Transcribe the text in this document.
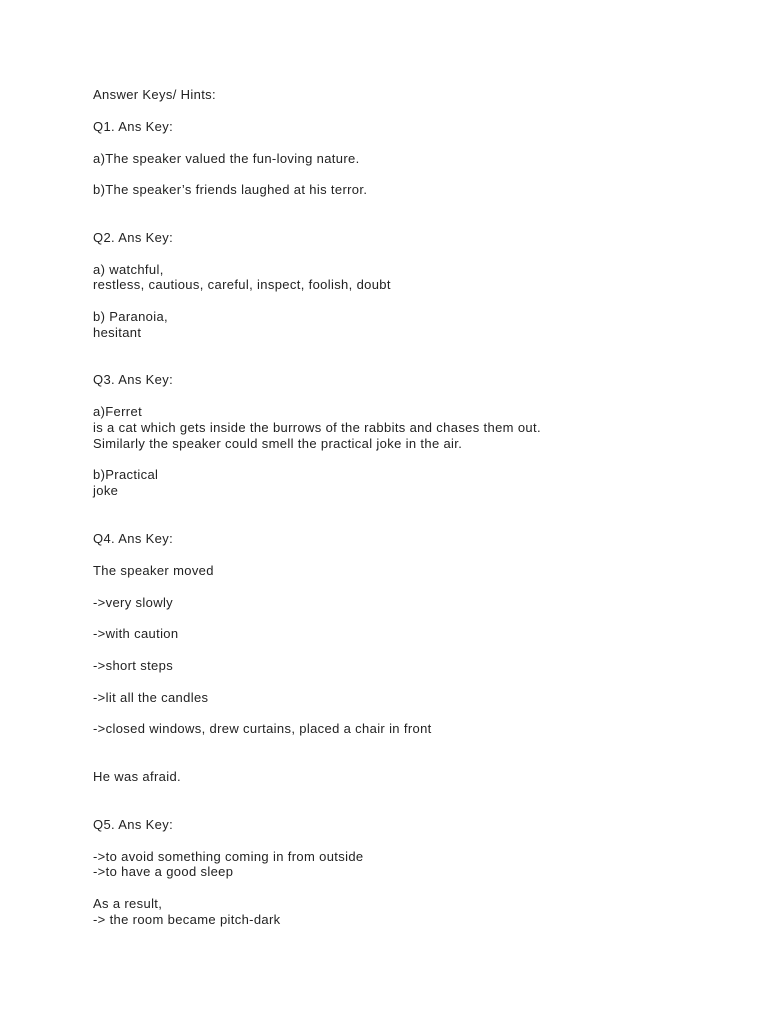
Answer Keys/ Hints:
Q1. Ans Key:
a)The speaker valued the fun-loving nature.
b)The speaker’s friends laughed at his terror.
Q2. Ans Key:
a) watchful,
restless, cautious, careful, inspect, foolish, doubt
b) Paranoia,
hesitant
Q3. Ans Key:
a)Ferret
is a cat which gets inside the burrows of the rabbits and chases them out.
Similarly the speaker could smell the practical joke in the air.
b)Practical
joke
Q4. Ans Key:
The speaker moved
->very slowly
->with caution
->short steps
->lit all the candles
->closed windows, drew curtains, placed a chair in front
He was afraid.
Q5. Ans Key:
->to avoid something coming in from outside
->to have a good sleep
As a result,
-> the room became pitch-dark
